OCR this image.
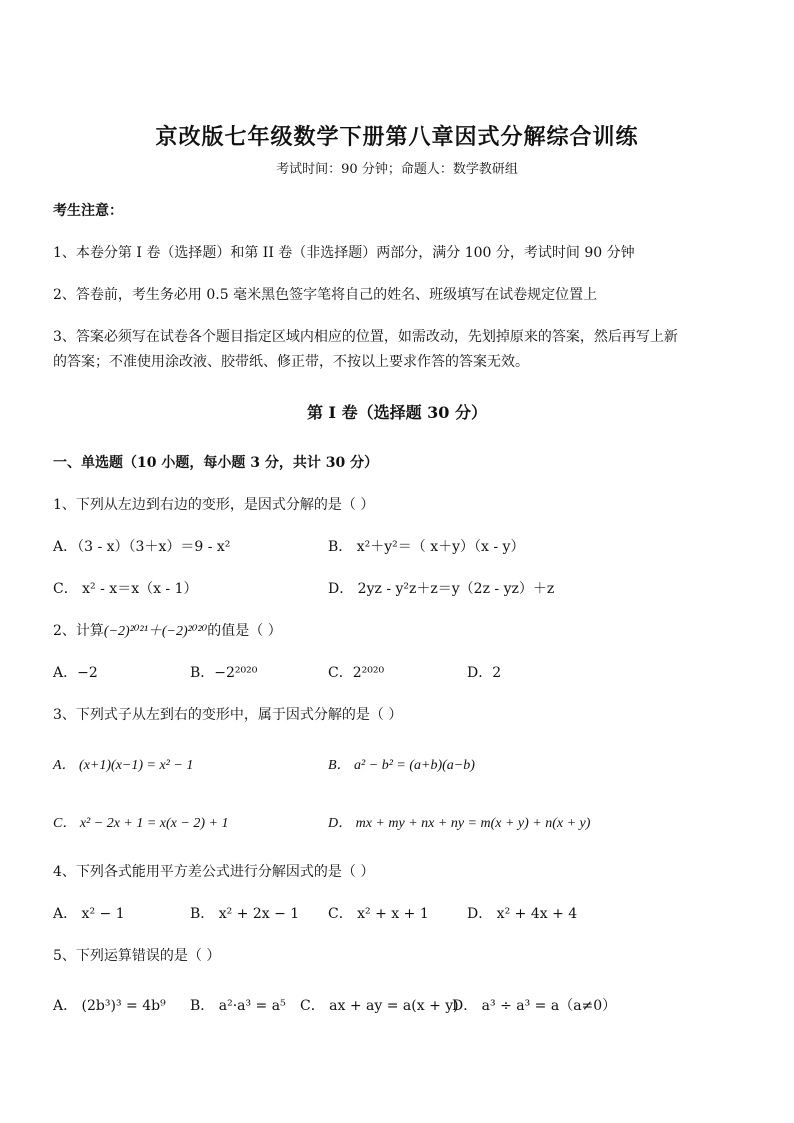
京改版七年级数学下册第八章因式分解综合训练
考试时间：90 分钟；命题人：数学教研组
考生注意：
1、本卷分第 I 卷（选择题）和第 II 卷（非选择题）两部分，满分 100 分，考试时间 90 分钟
2、答卷前，考生务必用 0.5 毫米黑色签字笔将自己的姓名、班级填写在试卷规定位置上
3、答案必须写在试卷各个题目指定区域内相应的位置，如需改动，先划掉原来的答案，然后再写上新
的答案；不准使用涂改液、胶带纸、修正带，不按以上要求作答的答案无效。
第 I 卷（选择题 30 分）
一、单选题（10 小题，每小题 3 分，共计 30 分）
1、下列从左边到右边的变形，是因式分解的是（ ）
A．（3 - x）（3＋x）＝9 - x²	B． x²＋y²＝（ x＋y）（x - y）
C． x² - x＝x（x - 1）	D． 2yz - y²z＋z＝y（2z - yz）＋z
2、计算(−2)²⁰²¹＋(−2)²⁰²⁰的值是（ ）
A．−2	B．−2²⁰²⁰	C．2²⁰²⁰	D．2
3、下列式子从左到右的变形中，属于因式分解的是（ ）
A． (x+1)(x−1) = x² − 1	B． a² − b² = (a+b)(a−b)
C． x² − 2x + 1 = x(x − 2) + 1	D． mx + my + nx + ny = m(x + y) + n(x + y)
4、下列各式能用平方差公式进行分解因式的是（ ）
A． x² − 1	B． x² + 2x − 1 C． x² + x + 1	D． x² + 4x + 4
5、下列运算错误的是（ ）
A． (2b³)³ = 4b⁹ B． a²·a³ = a⁵ C． ax + ay = a(x + y)
D． a³ ÷ a³ = a（a≠0）
